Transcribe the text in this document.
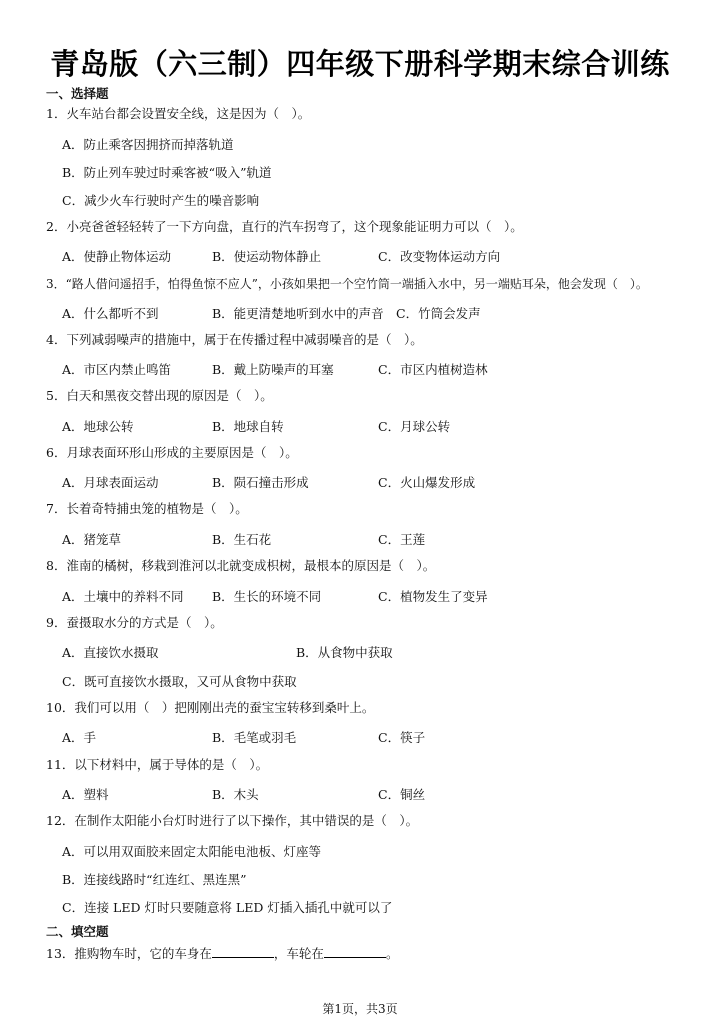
青岛版（六三制）四年级下册科学期末综合训练
一、选择题
1．火车站台都会设置安全线，这是因为（　）。
A．防止乘客因拥挤而掉落轨道
B．防止列车驶过时乘客被“吸入”轨道
C．减少火车行驶时产生的噪音影响
2．小亮爸爸轻轻转了一下方向盘，直行的汽车拐弯了，这个现象能证明力可以（　）。
A．使静止物体运动	B．使运动物体静止	C．改变物体运动方向
3．“路人借问遥招手，怕得鱼惊不应人”，小孩如果把一个空竹筒一端插入水中，另一端贴耳朵，他会发现（　）。
A．什么都听不到	B．能更清楚地听到水中的声音 C．竹筒会发声
4．下列减弱噪声的措施中，属于在传播过程中减弱噪音的是（　）。
A．市区内禁止鸣笛	B．戴上防噪声的耳塞	C．市区内植树造林
5．白天和黑夜交替出现的原因是（　）。
A．地球公转	B．地球自转	C．月球公转
6．月球表面环形山形成的主要原因是（　）。
A．月球表面运动	B．陨石撞击形成	C．火山爆发形成
7．长着奇特捕虫笼的植物是（　）。
A．猪笼草	B．生石花	C．王莲
8．淮南的橘树，移栽到淮河以北就变成枳树，最根本的原因是（　）。
A．土壤中的养料不同 B．生长的环境不同	C．植物发生了变异
9．蚕摄取水分的方式是（　）。
A．直接饮水摄取	B．从食物中获取
C．既可直接饮水摄取，又可从食物中获取
10．我们可以用（　）把刚刚出壳的蚕宝宝转移到桑叶上。
A．手	B．毛笔或羽毛	C．筷子
11．以下材料中，属于导体的是（　）。
A．塑料	B．木头	C．铜丝
12．在制作太阳能小台灯时进行了以下操作，其中错误的是（　）。
A．可以用双面胶来固定太阳能电池板、灯座等
B．连接线路时“红连红、黑连黑”
C．连接 LED 灯时只要随意将 LED 灯插入插孔中就可以了
二、填空题
13．推购物车时，它的车身在	，车轮在	。
第1页，共3页
